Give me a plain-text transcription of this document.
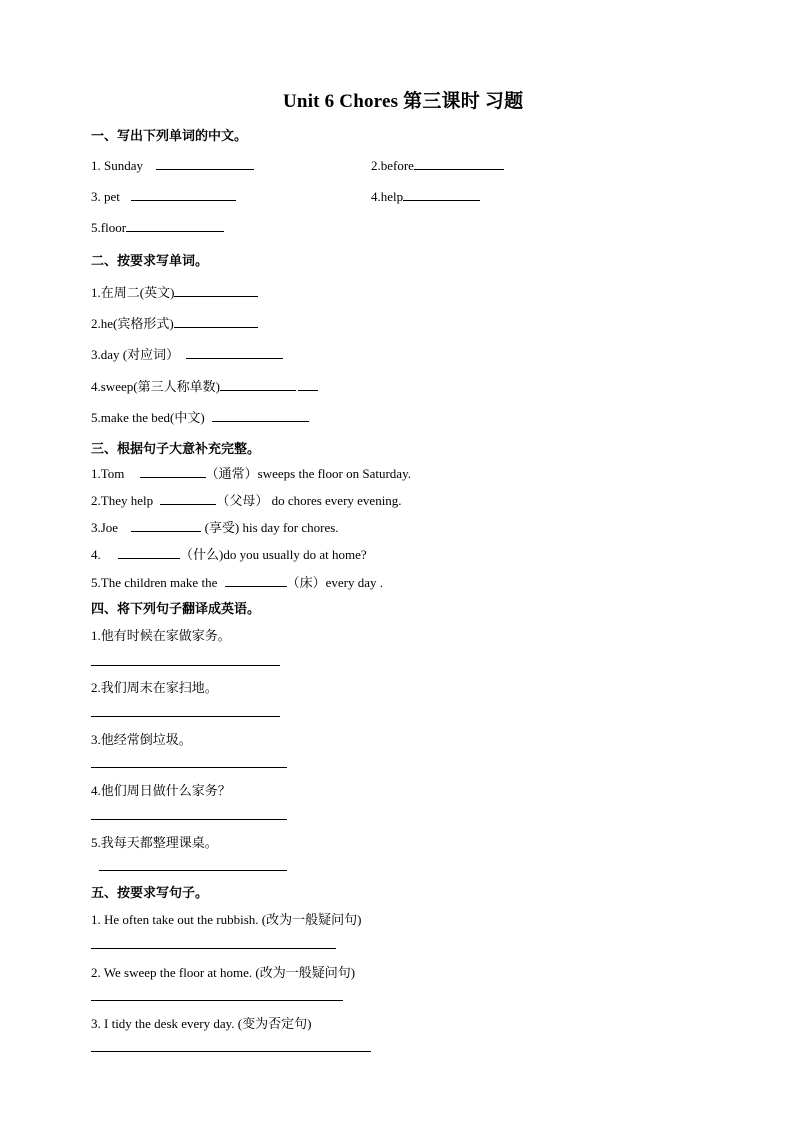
Unit 6 Chores 第三课时 习题
一、写出下列单词的中文。
1. Sunday	2.before
3. pet	4.help
5.floor
二、按要求写单词。
1.在周二(英文)
2.he(宾格形式)
3.day (对应词）
4.sweep(第三人称单数)
5.make the bed(中文)
三、根据句子大意补充完整。
1.Tom	（通常）sweeps the floor on Saturday.
2.They help	（父母） do chores every evening.
3.Joe	(享受) his day for chores.
4.	（什么)do you usually do at home?
5.The children make the	（床）every day .
四、将下列句子翻译成英语。
1.他有时候在家做家务。
2.我们周末在家扫地。
3.他经常倒垃圾。
4.他们周日做什么家务？
5.我每天都整理课桌。
五、按要求写句子。
1. He often take out the rubbish. (改为一般疑问句)
2. We sweep the floor at home. (改为一般疑问句)
3. I tidy the desk every day. (变为否定句)
